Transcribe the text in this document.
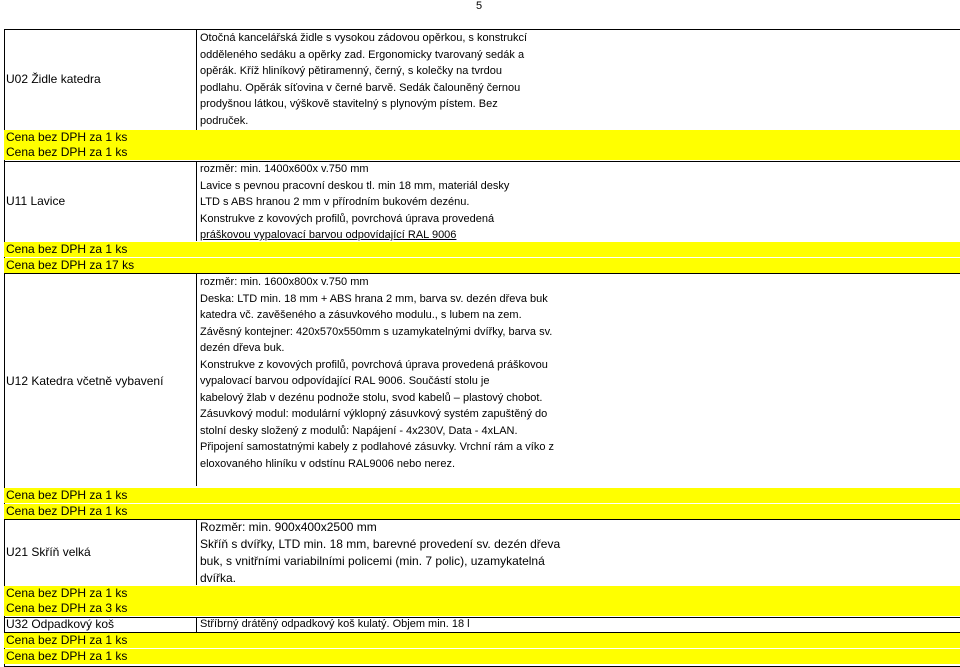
5
U02 Židle katedra
Otočná kancelářská židle s vysokou zádovou opěrkou, s konstrukcí
odděleného sedáku a opěrky zad. Ergonomicky tvarovaný sedák a
opěrák. Kříž hliníkový pětiramenný, černý, s kolečky na tvrdou
podlahu. Opěrák síťovina v černé barvě. Sedák čalouněný černou
prodyšnou látkou, výškově stavitelný s plynovým pístem. Bez
područek.
Cena bez DPH za 1 ks
Cena bez DPH za 1 ks
U11 Lavice
rozměr: min. 1400x600x v.750 mm
Lavice s pevnou pracovní deskou tl. min 18 mm, materiál desky
LTD s ABS hranou 2 mm v přírodním bukovém dezénu.
Konstrukve z kovových profilů, povrchová úprava provedená
práškovou vypalovací barvou odpovídající RAL 9006
Cena bez DPH za 1 ks
Cena bez DPH za 17 ks
U12 Katedra včetně vybavení
rozměr: min. 1600x800x v.750 mm
Deska: LTD min. 18 mm + ABS hrana 2 mm, barva sv. dezén dřeva buk
katedra vč. zavěšeného a zásuvkového modulu., s lubem na zem.
Závěsný kontejner: 420x570x550mm s uzamykatelnými dvířky, barva sv.
dezén dřeva buk.
Konstrukve z kovových profilů, povrchová úprava provedená práškovou
vypalovací barvou odpovídající RAL 9006. Součástí stolu je
kabelový žlab v dezénu podnože stolu, svod kabelů – plastový chobot.
Zásuvkový modul: modulární výklopný zásuvkový systém zapuštěný do
stolní desky složený z modulů: Napájení - 4x230V, Data - 4xLAN.
Připojení samostatnými kabely z podlahové zásuvky. Vrchní rám a víko z
eloxovaného hliníku v odstínu RAL9006 nebo nerez.
Cena bez DPH za 1 ks
Cena bez DPH za 1 ks
U21 Skříň velká
Rozměr: min. 900x400x2500 mm
Skříň s dvířky, LTD min. 18 mm, barevné provedení sv. dezén dřeva
buk, s vnitřními variabilními policemi (min. 7 polic), uzamykatelná
dvířka.
Cena bez DPH za 1 ks
Cena bez DPH za 3 ks
U32 Odpadkový koš	Stříbrný drátěný odpadkový koš kulatý. Objem min. 18 l
Cena bez DPH za 1 ks
Cena bez DPH za 1 ks
